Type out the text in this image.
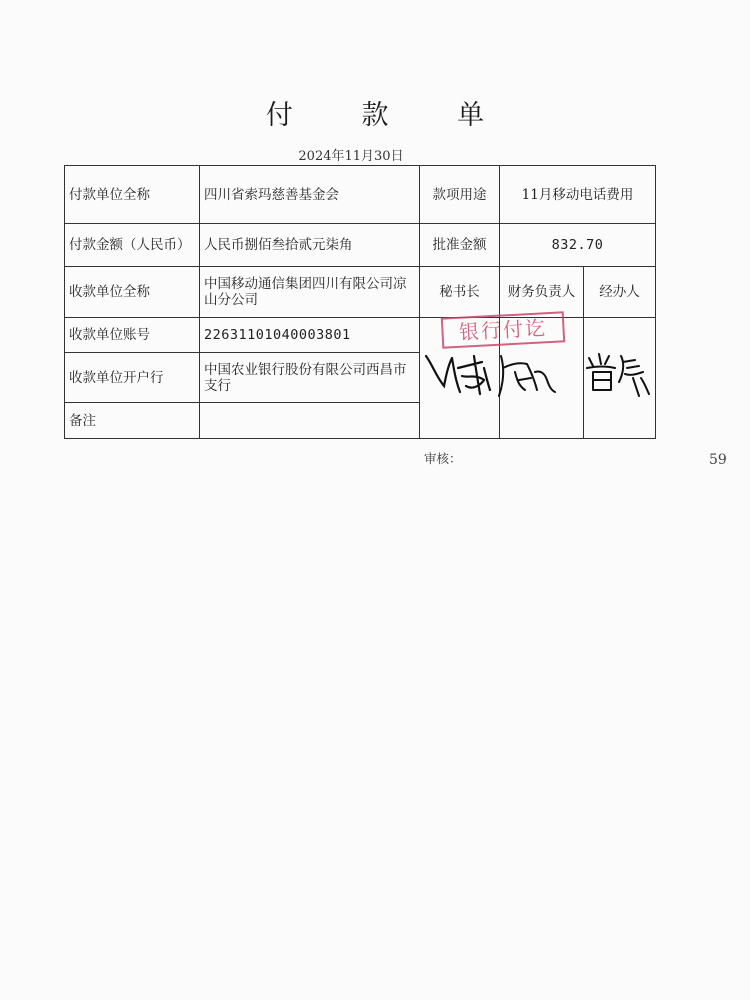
付 款 单
2024年11月30日
付款单位全称	四川省索玛慈善基金会	款项用途	11月移动电话费用	
付款金额（人民币）	人民币捌佰叁拾贰元柒角	批准金额	832.70	
收款单位全称	中国移动通信集团四川有限公司凉山分公司	秘书长	财务负责人	经办人
收款单位账号	22631101040003801			
收款单位开户行	中国农业银行股份有限公司西昌市支行			
备注				
银行付讫
审核：	59
